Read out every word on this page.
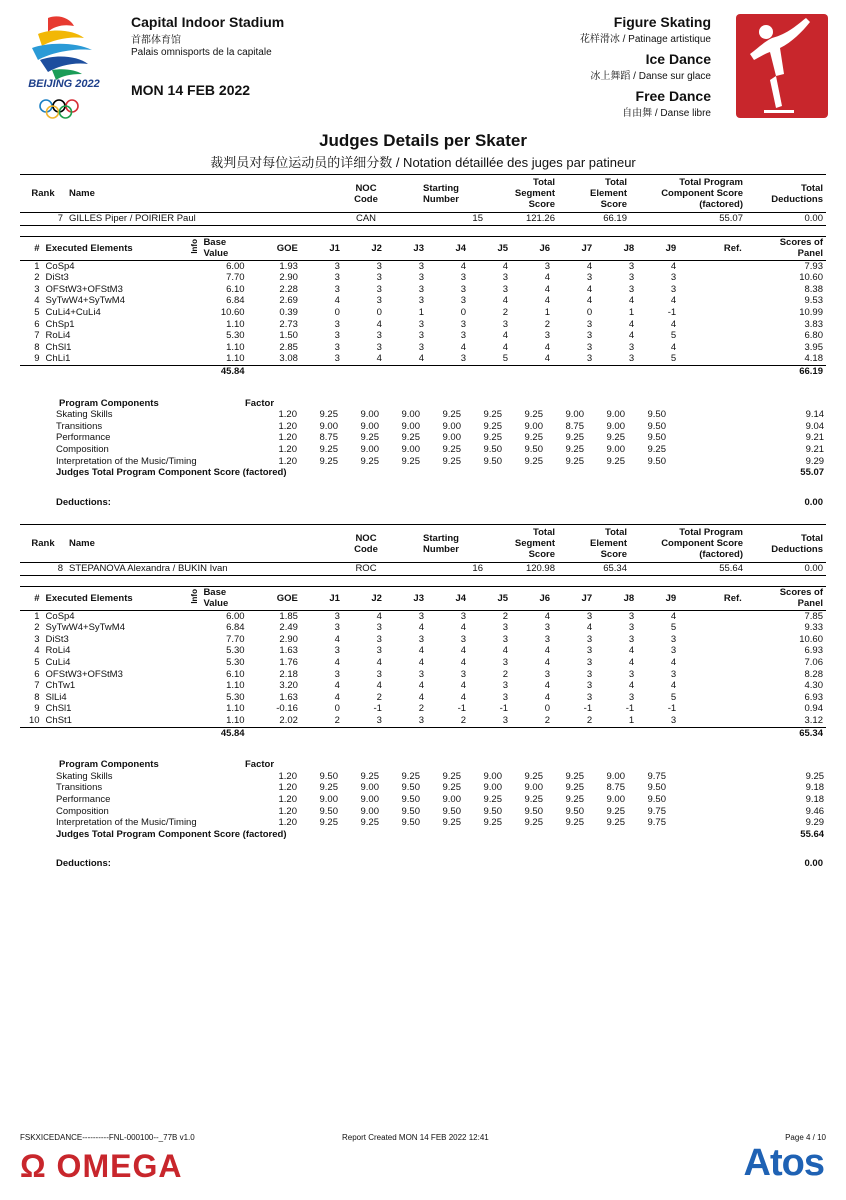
BEIJING 2022
Capital Indoor Stadium
首都体育馆
Palais omnisports de la capitale
MON 14 FEB 2022
Figure Skating
花样滑冰 / Patinage artistique
Ice Dance
冰上舞蹈 / Danse sur glace
Free Dance
自由舞 / Danse libre
Judges Details per Skater
裁判员对每位运动员的详细分数 / Notation détaillée des juges par patineur
Rank	Name	NOC
Code	Starting
Number	Total
Segment
Score	Total
Element
Score	Total Program
Component Score
(factored)	Total
Deductions
7	GILLES Piper / POIRIER Paul	CAN	15	121.26	66.19	55.07	0.00
#	Executed Elements	Info	Base
Value	GOE	J1	J2	J3	J4	J5	J6	J7	J8	J9	Ref.	Scores of
Panel
1	CoSp4		6.00	1.93	3	3	3	4	4	3	4	3	4		7.93
2	DiSt3		7.70	2.90	3	3	3	3	3	4	3	3	3		10.60
3	OFStW3+OFStM3		6.10	2.28	3	3	3	3	3	4	4	3	3		8.38
4	SyTwW4+SyTwM4		6.84	2.69	4	3	3	3	4	4	4	4	4		9.53
5	CuLi4+CuLi4		10.60	0.39	0	0	1	0	2	1	0	1	-1		10.99
6	ChSp1		1.10	2.73	3	4	3	3	3	2	3	4	4		3.83
7	RoLi4		5.30	1.50	3	3	3	3	4	3	3	4	5		6.80
8	ChSl1		1.10	2.85	3	3	3	4	4	4	3	3	4		3.95
9	ChLi1		1.10	3.08	3	4	4	3	5	4	3	3	5		4.18
			45.84												66.19
	Program Components	Factor										
	Skating Skills	1.20	9.25	9.00	9.00	9.25	9.25	9.25	9.00	9.00	9.50	9.14
	Transitions	1.20	9.00	9.00	9.00	9.00	9.25	9.00	8.75	9.00	9.50	9.04
	Performance	1.20	8.75	9.25	9.25	9.00	9.25	9.25	9.25	9.25	9.50	9.21
	Composition	1.20	9.25	9.00	9.00	9.25	9.50	9.50	9.25	9.00	9.25	9.21
	Interpretation of the Music/Timing	1.20	9.25	9.25	9.25	9.25	9.50	9.25	9.25	9.25	9.50	9.29
	Judges Total Program Component Score (factored)											55.07
	Deductions:	0.00
Rank	Name	NOC
Code	Starting
Number	Total
Segment
Score	Total
Element
Score	Total Program
Component Score
(factored)	Total
Deductions
8	STEPANOVA Alexandra / BUKIN Ivan	ROC	16	120.98	65.34	55.64	0.00
#	Executed Elements	Info	Base
Value	GOE	J1	J2	J3	J4	J5	J6	J7	J8	J9	Ref.	Scores of
Panel
1	CoSp4		6.00	1.85	3	4	3	3	2	4	3	3	4		7.85
2	SyTwW4+SyTwM4		6.84	2.49	3	3	4	4	3	3	4	3	5		9.33
3	DiSt3		7.70	2.90	4	3	3	3	3	3	3	3	3		10.60
4	RoLi4		5.30	1.63	3	3	4	4	4	4	3	4	3		6.93
5	CuLi4		5.30	1.76	4	4	4	4	3	4	3	4	4		7.06
6	OFStW3+OFStM3		6.10	2.18	3	3	3	3	2	3	3	3	3		8.28
7	ChTw1		1.10	3.20	4	4	4	4	3	4	3	4	4		4.30
8	SlLi4		5.30	1.63	4	2	4	4	3	4	3	3	5		6.93
9	ChSl1		1.10	-0.16	0	-1	2	-1	-1	0	-1	-1	-1		0.94
10	ChSt1		1.10	2.02	2	3	3	2	3	2	2	1	3		3.12
			45.84												65.34
	Program Components	Factor										
	Skating Skills	1.20	9.50	9.25	9.25	9.25	9.00	9.25	9.25	9.00	9.75	9.25
	Transitions	1.20	9.25	9.00	9.50	9.25	9.00	9.00	9.25	8.75	9.50	9.18
	Performance	1.20	9.00	9.00	9.50	9.00	9.25	9.25	9.25	9.00	9.50	9.18
	Composition	1.20	9.50	9.00	9.50	9.50	9.50	9.50	9.50	9.25	9.75	9.46
	Interpretation of the Music/Timing	1.20	9.25	9.25	9.50	9.25	9.25	9.25	9.25	9.25	9.75	9.29
	Judges Total Program Component Score (factored)											55.64
	Deductions:	0.00
FSKXICEDANCE----------FNL-000100--_77B v1.0	Report Created MON 14 FEB 2022 12:41	Page 4 / 10
Ω OMEGA	Atos
